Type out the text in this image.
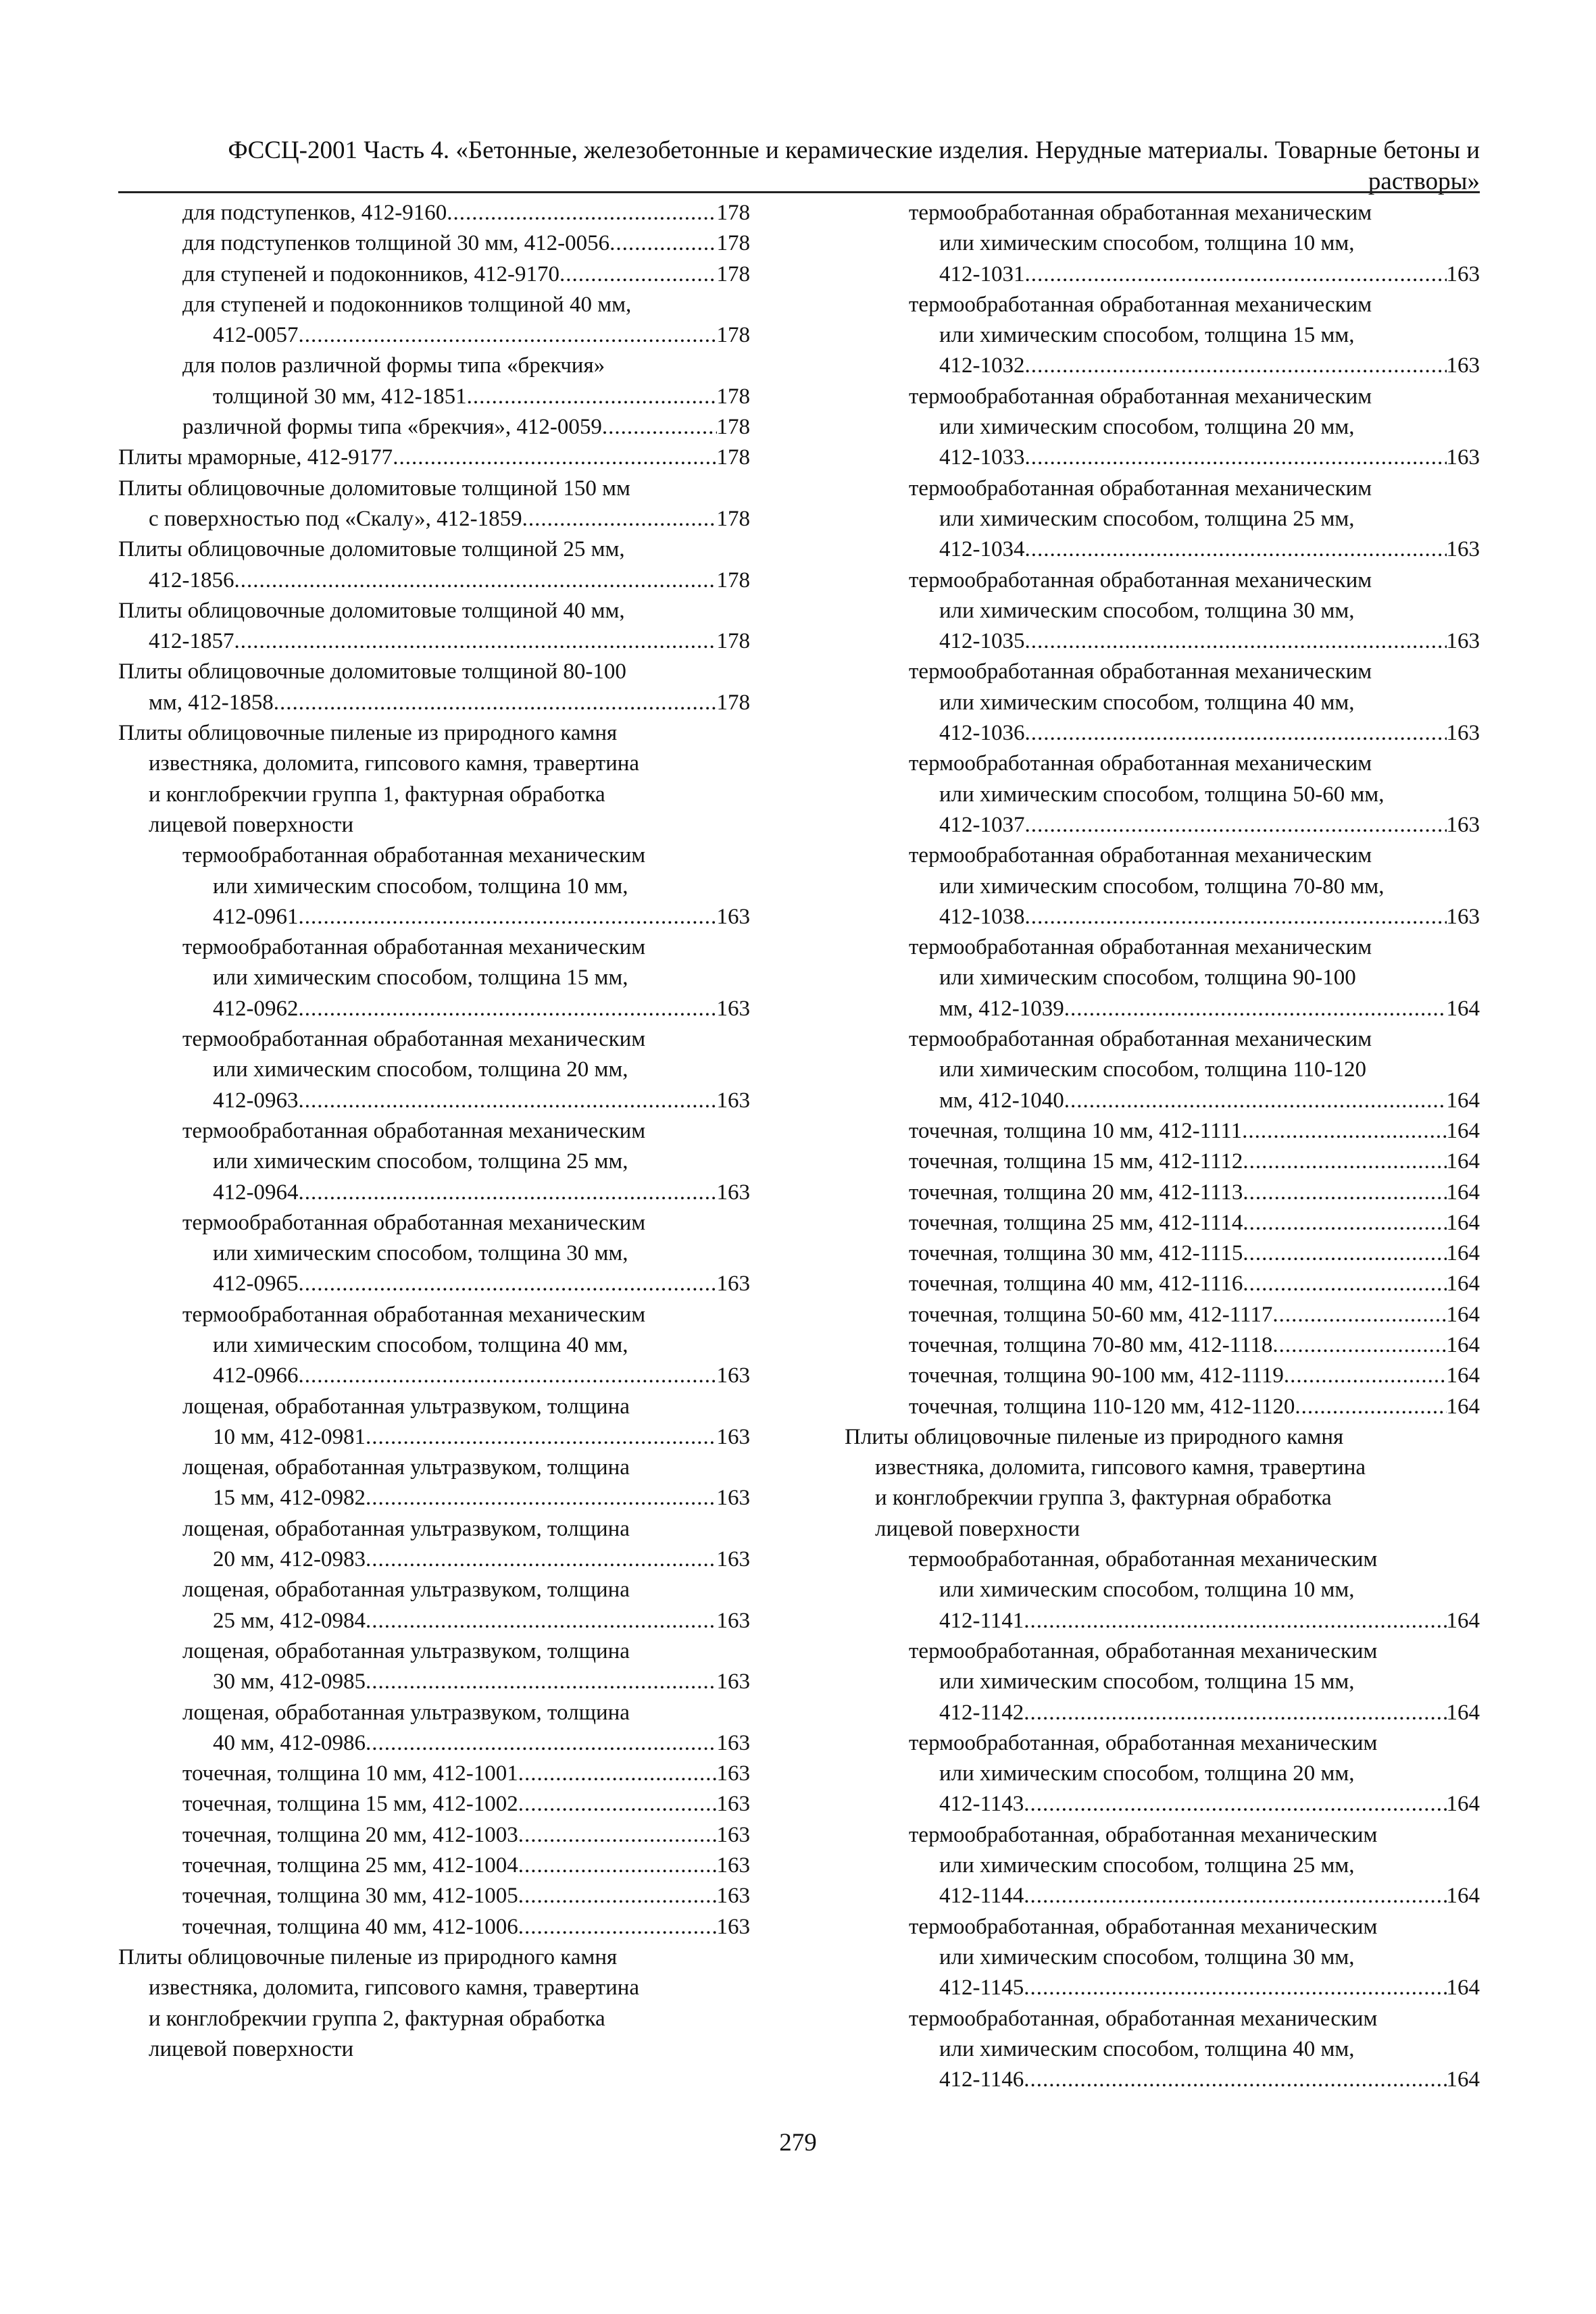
ФССЦ-2001 Часть 4. «Бетонные, железобетонные и керамические изделия. Нерудные материалы. Товарные бетоны и
растворы»
для подступенков, 412-9160 .....	178
для подступенков толщиной 30 мм, 412-0056 .....	178
для ступеней и подоконников, 412-9170 .....	178
для ступеней и подоконников толщиной 40 мм,
412-0057 .....	178
для полов различной формы типа «брекчия»
толщиной 30 мм, 412-1851 .....	178
различной формы типа «брекчия», 412-0059 .....	178
Плиты мраморные, 412-9177 .....	178
Плиты облицовочные доломитовые толщиной 150 мм
с поверхностью под «Скалу», 412-1859 .....	178
Плиты облицовочные доломитовые толщиной 25 мм,
412-1856 .....	178
Плиты облицовочные доломитовые толщиной 40 мм,
412-1857 .....	178
Плиты облицовочные доломитовые толщиной 80-100
мм, 412-1858 .....	178
Плиты облицовочные пиленые из природного камня
известняка, доломита, гипсового камня, травертина
и конглобрекчии группа 1, фактурная обработка
лицевой поверхности
термообработанная обработанная механическим
или химическим способом, толщина 10 мм,
412-0961 .....	163
термообработанная обработанная механическим
или химическим способом, толщина 15 мм,
412-0962 .....	163
термообработанная обработанная механическим
или химическим способом, толщина 20 мм,
412-0963 .....	163
термообработанная обработанная механическим
или химическим способом, толщина 25 мм,
412-0964 .....	163
термообработанная обработанная механическим
или химическим способом, толщина 30 мм,
412-0965 .....	163
термообработанная обработанная механическим
или химическим способом, толщина 40 мм,
412-0966 .....	163
лощеная, обработанная ультразвуком, толщина
10 мм, 412-0981 .....	163
лощеная, обработанная ультразвуком, толщина
15 мм, 412-0982 .....	163
лощеная, обработанная ультразвуком, толщина
20 мм, 412-0983 .....	163
лощеная, обработанная ультразвуком, толщина
25 мм, 412-0984 .....	163
лощеная, обработанная ультразвуком, толщина
30 мм, 412-0985 .....	163
лощеная, обработанная ультразвуком, толщина
40 мм, 412-0986 .....	163
точечная, толщина 10 мм, 412-1001 .....	163
точечная, толщина 15 мм, 412-1002 .....	163
точечная, толщина 20 мм, 412-1003 .....	163
точечная, толщина 25 мм, 412-1004 .....	163
точечная, толщина 30 мм, 412-1005 .....	163
точечная, толщина 40 мм, 412-1006 .....	163
Плиты облицовочные пиленые из природного камня
известняка, доломита, гипсового камня, травертина
и конглобрекчии группа 2, фактурная обработка
лицевой поверхности
термообработанная обработанная механическим
или химическим способом, толщина 10 мм,
412-1031 .....	163
термообработанная обработанная механическим
или химическим способом, толщина 15 мм,
412-1032 .....	163
термообработанная обработанная механическим
или химическим способом, толщина 20 мм,
412-1033 .....	163
термообработанная обработанная механическим
или химическим способом, толщина 25 мм,
412-1034 .....	163
термообработанная обработанная механическим
или химическим способом, толщина 30 мм,
412-1035 .....	163
термообработанная обработанная механическим
или химическим способом, толщина 40 мм,
412-1036 .....	163
термообработанная обработанная механическим
или химическим способом, толщина 50-60 мм,
412-1037 .....	163
термообработанная обработанная механическим
или химическим способом, толщина 70-80 мм,
412-1038 .....	163
термообработанная обработанная механическим
или химическим способом, толщина 90-100
мм, 412-1039 .....	164
термообработанная обработанная механическим
или химическим способом, толщина 110-120
мм, 412-1040 .....	164
точечная, толщина 10 мм, 412-1111 .....	164
точечная, толщина 15 мм, 412-1112 .....	164
точечная, толщина 20 мм, 412-1113 .....	164
точечная, толщина 25 мм, 412-1114 .....	164
точечная, толщина 30 мм, 412-1115 .....	164
точечная, толщина 40 мм, 412-1116 .....	164
точечная, толщина 50-60 мм, 412-1117 .....	164
точечная, толщина 70-80 мм, 412-1118 .....	164
точечная, толщина 90-100 мм, 412-1119 .....	164
точечная, толщина 110-120 мм, 412-1120 .....	164
Плиты облицовочные пиленые из природного камня
известняка, доломита, гипсового камня, травертина
и конглобрекчии группа 3, фактурная обработка
лицевой поверхности
термообработанная, обработанная механическим
или химическим способом, толщина 10 мм,
412-1141 .....	164
термообработанная, обработанная механическим
или химическим способом, толщина 15 мм,
412-1142 .....	164
термообработанная, обработанная механическим
или химическим способом, толщина 20 мм,
412-1143 .....	164
термообработанная, обработанная механическим
или химическим способом, толщина 25 мм,
412-1144 .....	164
термообработанная, обработанная механическим
или химическим способом, толщина 30 мм,
412-1145 .....	164
термообработанная, обработанная механическим
или химическим способом, толщина 40 мм,
412-1146 .....	164
279
